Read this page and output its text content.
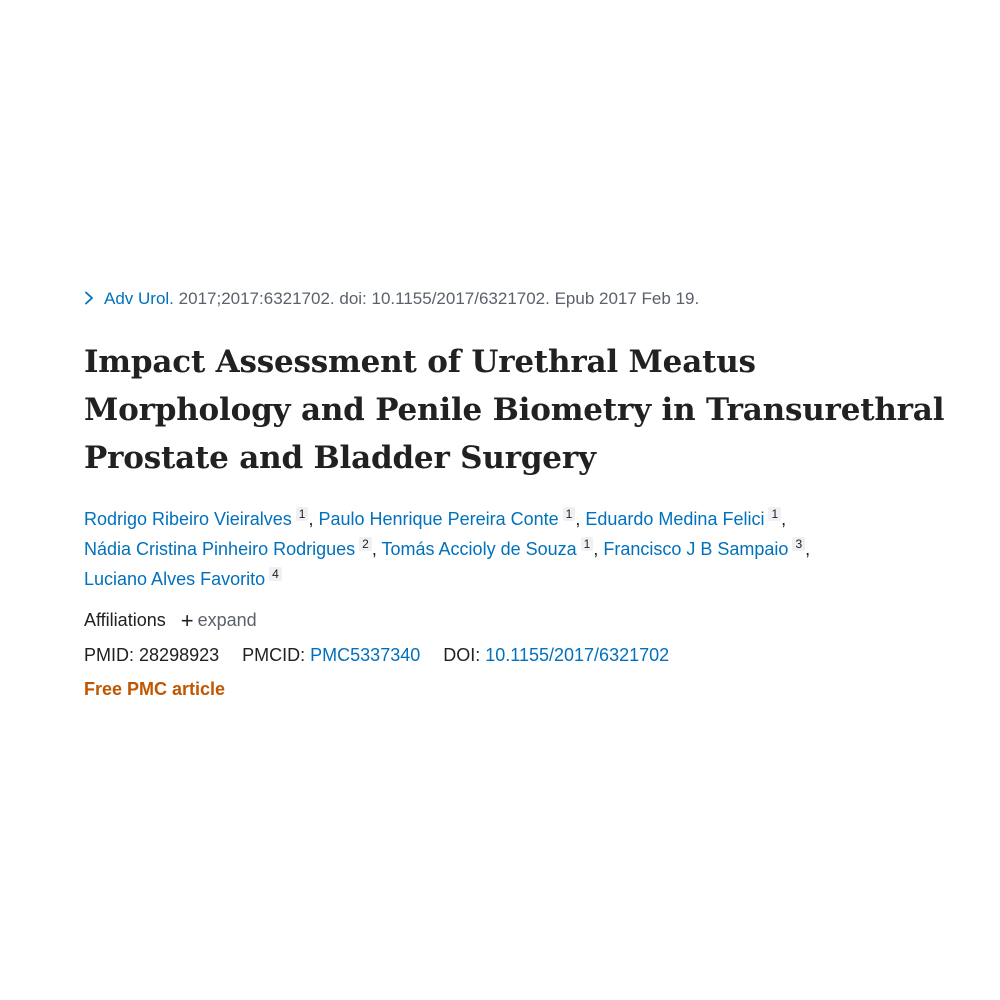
Adv Urol. 2017;2017:6321702. doi: 10.1155/2017/6321702. Epub 2017 Feb 19.
Impact Assessment of Urethral Meatus Morphology and Penile Biometry in Transurethral Prostate and Bladder Surgery
Rodrigo Ribeiro Vieiralves 1 , Paulo Henrique Pereira Conte 1 , Eduardo Medina Felici 1 , Nádia Cristina Pinheiro Rodrigues 2 , Tomás Accioly de Souza 1 , Francisco J B Sampaio 3 , Luciano Alves Favorito 4
Affiliations + expand
PMID: 28298923 PMCID: PMC5337340 DOI: 10.1155/2017/6321702
Free PMC article
